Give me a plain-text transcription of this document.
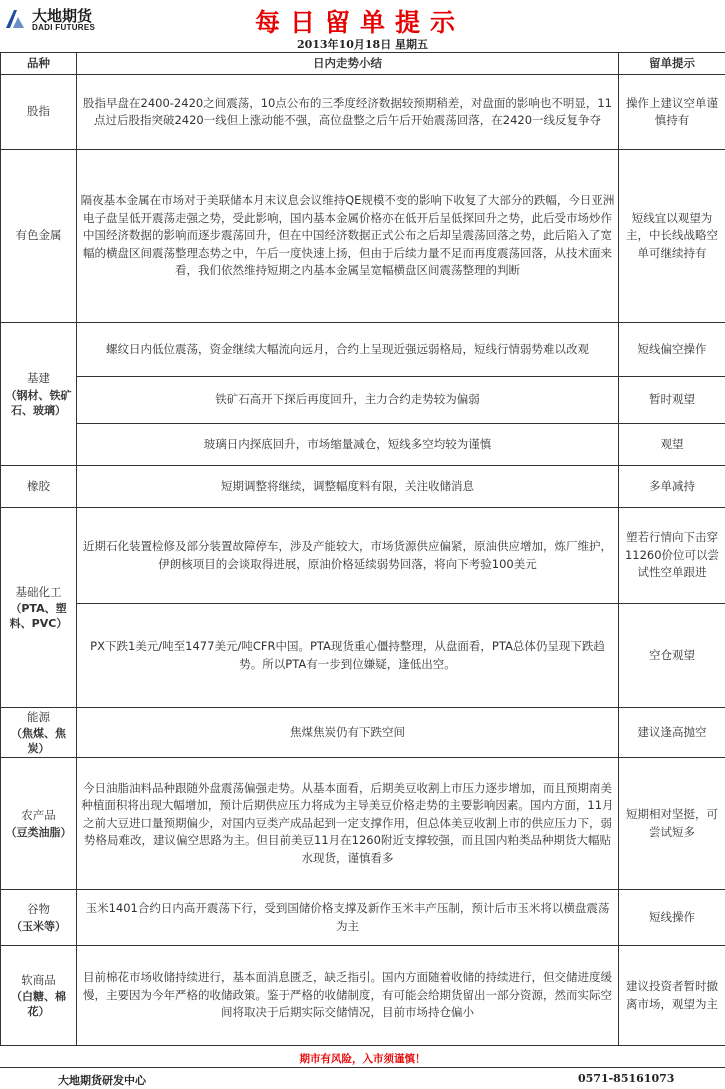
大地期货
DADI FUTURES	每日留单提示
2013年10月18日 星期五
品种	日内走势小结	留单提示
股指	股指早盘在2400-2420之间震荡，10点公布的三季度经济数据较预期稍差，对盘面的影响也不明显，11点过后股指突破2420一线但上涨动能不强，高位盘整之后午后开始震荡回落，在2420一线反复争夺	操作上建议空单谨慎持有
有色金属	隔夜基本金属在市场对于美联储本月末议息会议维持QE规模不变的影响下收复了大部分的跌幅，今日亚洲电子盘呈低开震荡走强之势，受此影响，国内基本金属价格亦在低开后呈低探回升之势，此后受市场炒作中国经济数据的影响而逐步震荡回升，但在中国经济数据正式公布之后却呈震荡回落之势，此后陷入了宽幅的横盘区间震荡整理态势之中，午后一度快速上扬，但由于后续力量不足而再度震荡回落，从技术面来看，我们依然维持短期之内基本金属呈宽幅横盘区间震荡整理的判断	短线宜以观望为主，中长线战略空单可继续持有
基建
（钢材、铁矿石、玻璃）	螺纹日内低位震荡，资金继续大幅流向远月，合约上呈现近强远弱格局，短线行情弱势难以改观	短线偏空操作
	铁矿石高开下探后再度回升，主力合约走势较为偏弱	暂时观望
	玻璃日内探底回升，市场缩量减仓，短线多空均较为谨慎	观望
橡胶	短期调整将继续，调整幅度料有限，关注收储消息	多单减持
基础化工
（PTA、塑料、PVC）	近期石化装置检修及部分装置故障停车，涉及产能较大，市场货源供应偏紧，原油供应增加，炼厂维护，伊朗核项目的会谈取得进展，原油价格延续弱势回落，将向下考验100美元	塑若行情向下击穿11260价位可以尝试性空单跟进
	PX下跌1美元/吨至1477美元/吨CFR中国。PTA现货重心僵持整理，从盘面看，PTA总体仍呈现下跌趋势。所以PTA有一步到位嫌疑，逢低出空。	空仓观望
能源
（焦煤、焦炭）	焦煤焦炭仍有下跌空间	建议逢高抛空
农产品
（豆类油脂）	今日油脂油料品种跟随外盘震荡偏强走势。从基本面看，后期美豆收割上市压力逐步增加，而且预期南美种植面积将出现大幅增加，预计后期供应压力将成为主导美豆价格走势的主要影响因素。国内方面，11月之前大豆进口量预期偏少，对国内豆类产成品起到一定支撑作用，但总体美豆收割上市的供应压力下，弱势格局难改，建议偏空思路为主。但目前美豆11月在1260附近支撑较强，而且国内粕类品种期货大幅贴水现货，谨慎看多	短期相对坚挺，可尝试短多
谷物
（玉米等）	玉米1401合约日内高开震荡下行，受到国储价格支撑及新作玉米丰产压制，预计后市玉米将以横盘震荡为主	短线操作
软商品
（白糖、棉花）	目前棉花市场收储持续进行，基本面消息匮乏，缺乏指引。国内方面随着收储的持续进行，但交储进度缓慢，主要因为今年严格的收储政策。鉴于严格的收储制度，有可能会给期货留出一部分资源，然而实际空间将取决于后期实际交储情况，目前市场持仓偏小	建议投资者暂时撤离市场，观望为主
期市有风险，入市须谨慎！
大地期货研发中心	0571-85161073
